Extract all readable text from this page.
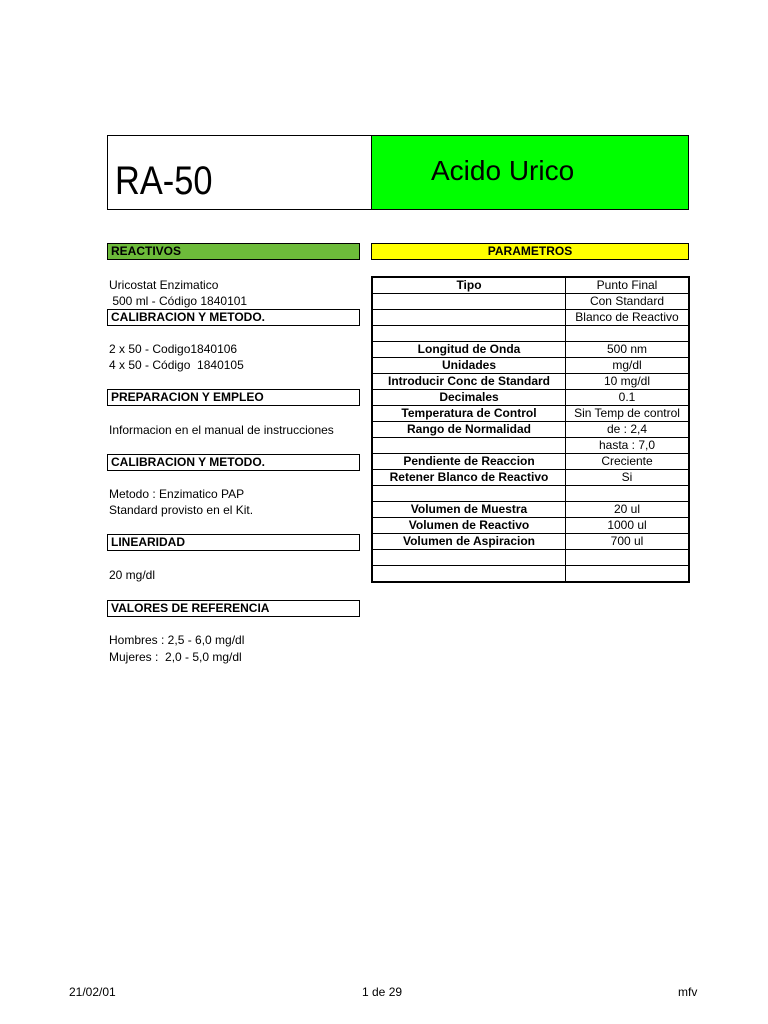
RA-50	Acido Urico
REACTIVOS
Uricostat Enzimatico
500 ml - Código 1840101
CALIBRACION Y METODO.
2 x 50 - Codigo1840106
4 x 50 - Código  1840105
PREPARACION Y EMPLEO
Informacion en el manual de instrucciones
CALIBRACION Y METODO.
Metodo : Enzimatico PAP
Standard provisto en el Kit.
LINEARIDAD
20 mg/dl
VALORES DE REFERENCIA
Hombres : 2,5 - 6,0 mg/dl
Mujeres :  2,0 - 5,0 mg/dl
PARAMETROS
Tipo	Punto Final
	Con Standard
	Blanco de Reactivo

Longitud de Onda	500 nm
Unidades	mg/dl
Introducir Conc de Standard	10 mg/dl
Decimales	0.1
Temperatura de Control	Sin Temp de control
Rango de Normalidad	de : 2,4
	hasta : 7,0
Pendiente de Reaccion	Creciente
Retener Blanco de Reactivo	Si

Volumen de Muestra	20 ul
Volumen de Reactivo	1000 ul
Volumen de Aspiracion	700 ul

21/02/01	1 de 29	mfv
